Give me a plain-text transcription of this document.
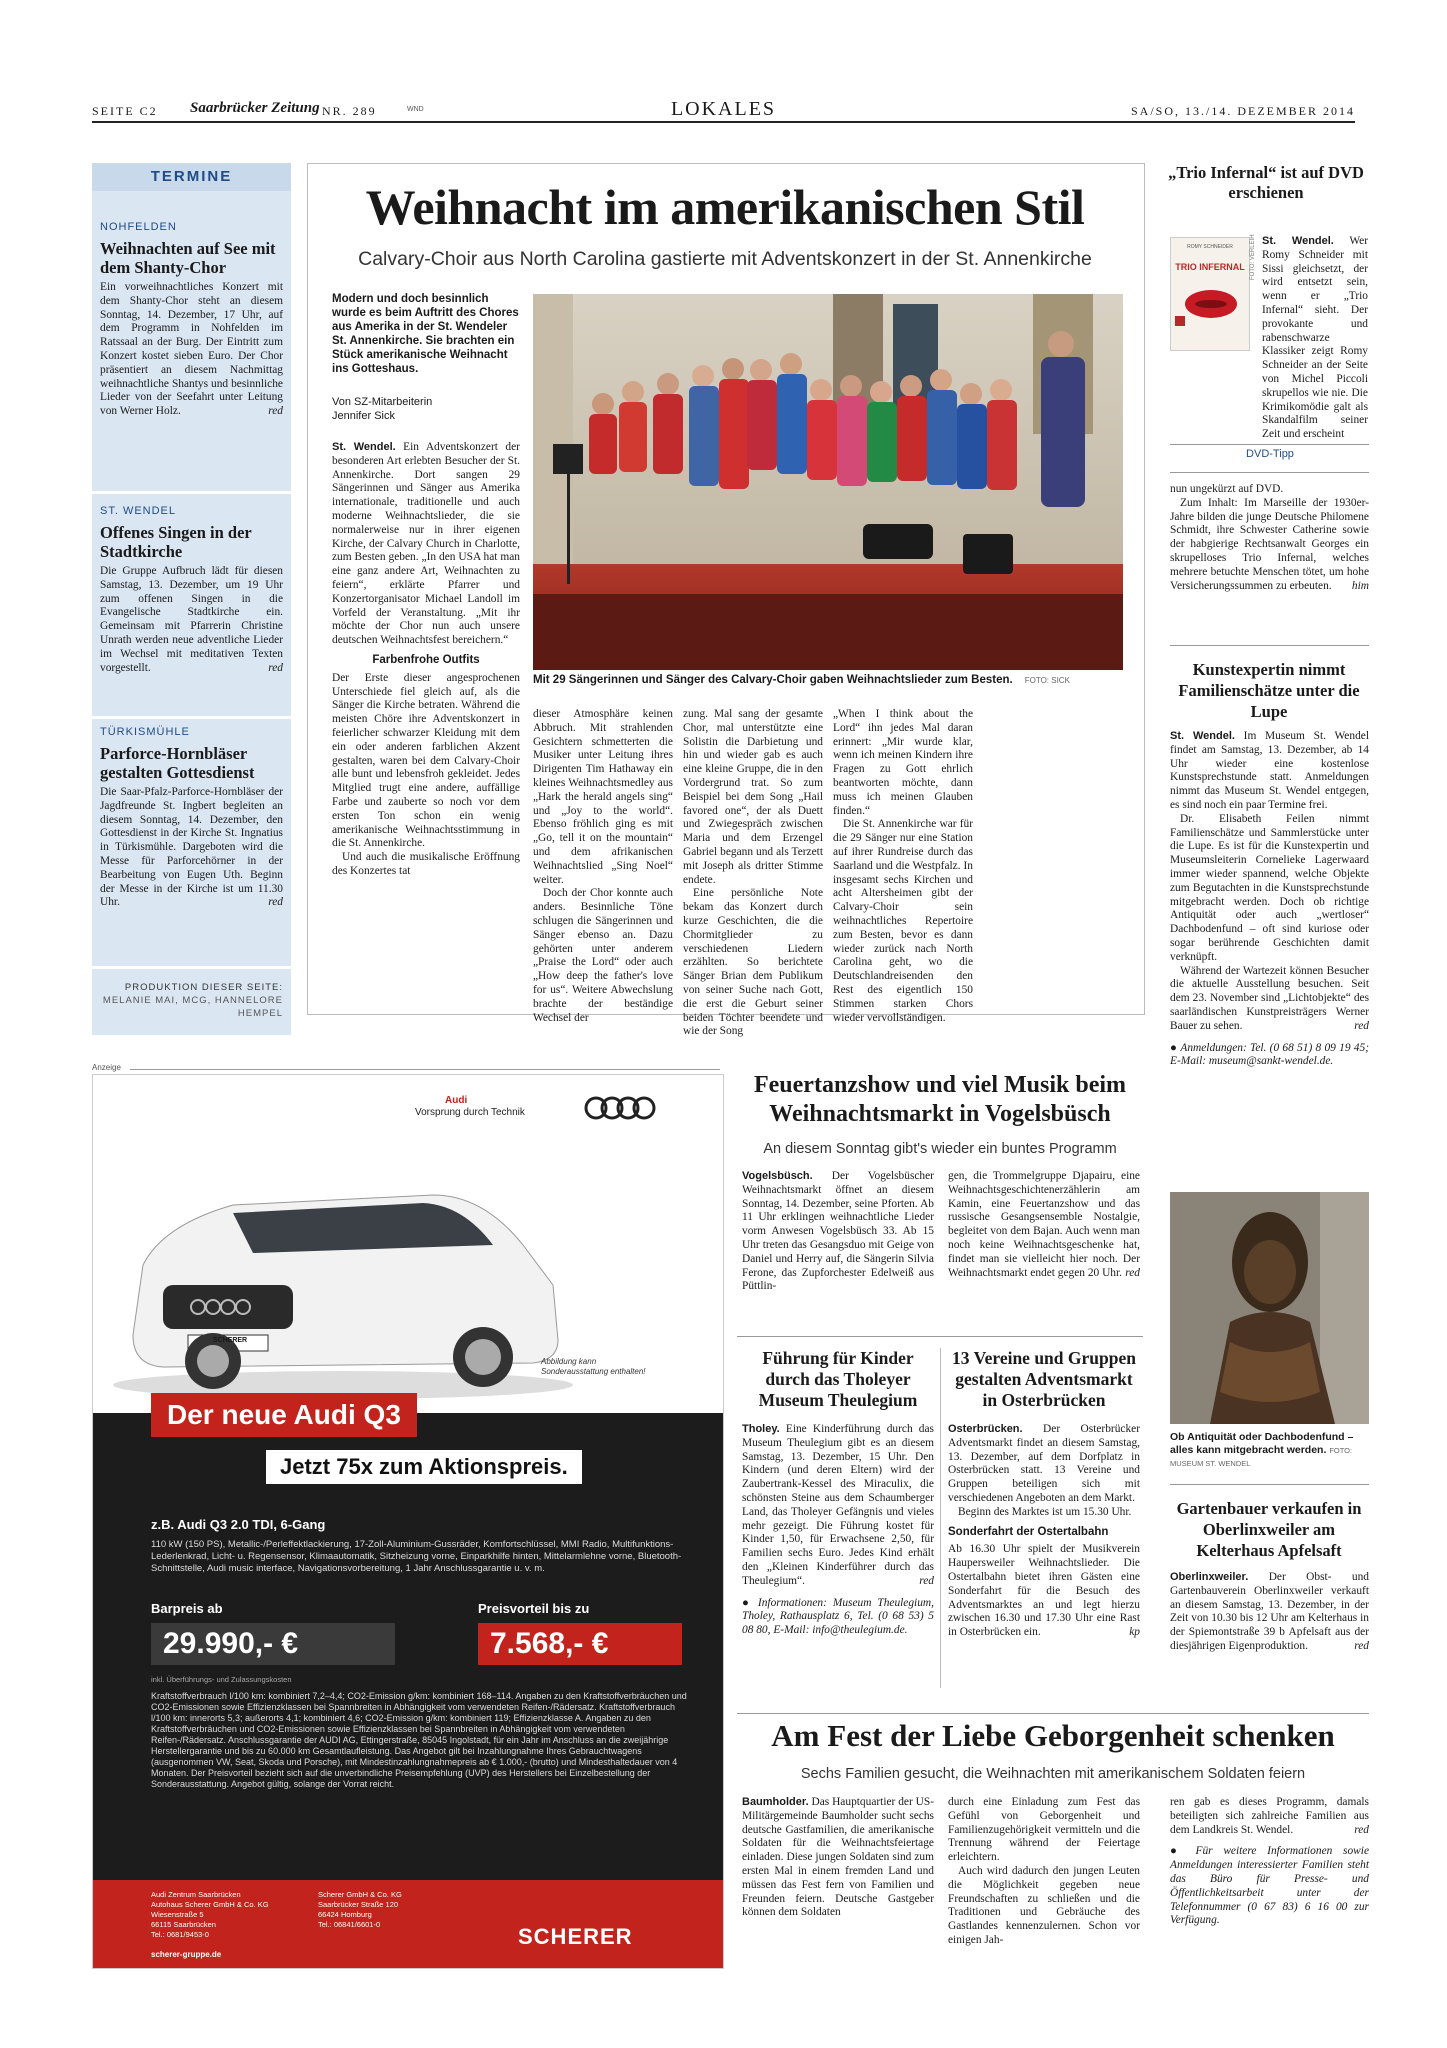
SEITE C2 Saarbrücker Zeitung NR. 289	WND	LOKALES	SA/SO, 13./14. DEZEMBER 2014
TERMINE
NOHFELDEN
Weihnachten auf See mit dem Shanty-Chor
Ein vorweihnachtliches Konzert mit dem Shanty-Chor steht an diesem Sonntag, 14. Dezember, 17 Uhr, auf dem Programm in Nohfelden im Ratssaal an der Burg. Der Eintritt zum Konzert kostet sieben Euro. Der Chor präsentiert an diesem Nachmittag weihnachtliche Shantys und besinnliche Lieder von der Seefahrt unter Leitung von Werner Holz.	red
ST. WENDEL
Offenes Singen in der Stadtkirche
Die Gruppe Aufbruch lädt für diesen Samstag, 13. Dezember, um 19 Uhr zum offenen Singen in die Evangelische Stadtkirche ein. Gemeinsam mit Pfarrerin Christine Unrath werden neue adventliche Lieder im Wechsel mit meditativen Texten vorgestellt.	red
TÜRKISMÜHLE
Parforce-Hornbläser gestalten Gottesdienst
Die Saar-Pfalz-Parforce-Hornbläser der Jagdfreunde St. Ingbert begleiten an diesem Sonntag, 14. Dezember, den Gottesdienst in der Kirche St. Ingnatius in Türkismühle. Dargeboten wird die Messe für Parforcehörner in der Bearbeitung von Eugen Uth. Beginn der Messe in der Kirche ist um 11.30 Uhr.	red
PRODUKTION DIESER SEITE:
MELANIE MAI, MCG, HANNELORE HEMPEL
Weihnacht im amerikanischen Stil
Calvary-Choir aus North Carolina gastierte mit Adventskonzert in der St. Annenkirche
Modern und doch besinnlich wurde es beim Auftritt des Chores aus Amerika in der St. Wendeler St. Annenkirche. Sie brachten ein Stück amerikanische Weihnacht ins Gotteshaus.
Von SZ-Mitarbeiterin
Jennifer Sick

St. Wendel. Ein Adventskonzert der besonderen Art erlebten Besucher der St. Annenkirche. Dort sangen 29 Sängerinnen und Sänger aus Amerika internationale, traditionelle und auch moderne Weihnachtslieder, die sie normalerweise nur in ihrer eigenen Kirche, der Calvary Church in Charlotte, zum Besten geben. „In den USA hat man eine ganz andere Art, Weihnachten zu feiern“, erklärte Pfarrer und Konzertorganisator Michael Landoll im Vorfeld der Veranstaltung. „Mit ihr möchte der Chor nun auch unsere deutschen Weihnachtsfest bereichern.“

Farbenfrohe Outfits

Der Erste dieser angesprochenen Unterschiede fiel gleich auf, als die Sänger die Kirche betraten. Während die meisten Chöre ihre Adventskonzert in feierlicher schwarzer Kleidung mit dem ein oder anderen farblichen Akzent gestalten, waren bei dem Calvary-Choir alle bunt und lebensfroh gekleidet. Jedes Mitglied trugt eine andere, auffällige Farbe und zauberte so noch vor dem ersten Ton schon ein wenig amerikanische Weihnachtsstimmung in die St. Annenkirche.

Und auch die musikalische Eröffnung des Konzertes tat

Mit 29 Sängerinnen und Sänger des Calvary-Choir gaben Weihnachtslieder zum Besten. FOTO: SICK

dieser Atmosphäre keinen Abbruch. Mit strahlenden Gesichtern schmetterten die Musiker unter Leitung ihres Dirigenten Tim Hathaway ein kleines Weihnachtsmedley aus „Hark the herald angels sing“ und „Joy to the world“. Ebenso fröhlich ging es mit „Go, tell it on the mountain“ und dem afrikanischen Weihnachtslied „Sing Noel“ weiter.

Doch der Chor konnte auch anders. Besinnliche Töne schlugen die Sängerinnen und Sänger ebenso an. Dazu gehörten unter anderem „Praise the Lord“ oder auch „How deep the father's love for us“. Weitere Abwechslung brachte der beständige Wechsel der

zung. Mal sang der gesamte Chor, mal unterstützte eine Solistin die Darbietung und hin und wieder gab es auch eine kleine Gruppe, die in den Vordergrund trat. So zum Beispiel bei dem Song „Hail favored one“, der als Duett und Zwiegespräch zwischen Maria und dem Erzengel Gabriel begann und als Terzett mit Joseph als dritter Stimme endete.

Eine persönliche Note bekam das Konzert durch kurze Geschichten, die die Chormitglieder zu verschiedenen Liedern erzählten. So berichtete Sänger Brian dem Publikum von seiner Suche nach Gott, die erst die Geburt seiner beiden Töchter beendete und wie der Song

„When I think about the Lord“ ihn jedes Mal daran erinnert: „Mir wurde klar, wenn ich meinen Kindern ihre Fragen zu Gott ehrlich beantworten möchte, dann muss ich meinen Glauben finden.“

Die St. Annenkirche war für die 29 Sänger nur eine Station auf ihrer Rundreise durch das Saarland und die Westpfalz. In insgesamt sechs Kirchen und acht Altersheimen gibt der Calvary-Choir sein weihnachtliches Repertoire zum Besten, bevor es dann wieder zurück nach North Carolina geht, wo die Deutschlandreisenden den Rest des eigentlich 150 Stimmen starken Chors wieder vervollständigen.

„Trio Infernal“ ist auf DVD erschienen
ROMY SCHNEIDER
TRIO INFERNAL FOTO: VERLEIH St. Wendel. Wer Romy Schneider mit Sissi gleichsetzt, der wird entsetzt sein, wenn er „Trio Infernal“ sieht. Der provokante und rabenschwarze Klassiker zeigt Romy Schneider an der Seite von Michel Piccoli skrupellos wie nie. Die Krimikomödie galt als Skandalfilm seiner Zeit und erscheint
DVD-Tipp

nun ungekürzt auf DVD.

Zum Inhalt: Im Marseille der 1930er-Jahre bilden die junge Deutsche Philomene Schmidt, ihre Schwester Catherine sowie der habgierige Rechtsanwalt Georges ein skrupelloses Trio Infernal, welches mehrere betuchte Menschen tötet, um hohe Versicherungssummen zu erbeuten.	him

Kunstexpertin nimmt Familienschätze unter die Lupe

St. Wendel. Im Museum St. Wendel findet am Samstag, 13. Dezember, ab 14 Uhr wieder eine kostenlose Kunstsprechstunde statt. Anmeldungen nimmt das Museum St. Wendel entgegen, es sind noch ein paar Termine frei.

Dr. Elisabeth Feilen nimmt Familienschätze und Sammlerstücke unter die Lupe. Es ist für die Kunstexpertin und Museumsleiterin Cornelieke Lagerwaard immer wieder spannend, welche Objekte zum Begutachten in die Kunstsprechstunde mitgebracht werden. Doch ob richtige Antiquität oder auch „wertloser“ Dachbodenfund – oft sind kuriose oder sogar berührende Geschichten damit verknüpft.

Während der Wartezeit können Besucher die aktuelle Ausstellung besuchen. Seit dem 23. November sind „Lichtobjekte“ des saarländischen Kunstpreisträgers Werner Bauer zu sehen.	red

● Anmeldungen: Tel. (0 68 51) 8 09 19 45; E-Mail: museum@sankt-wendel.de.

Ob Antiquität oder Dachbodenfund – alles kann mitgebracht werden. FOTO: MUSEUM ST. WENDEL
Gartenbauer verkaufen in Oberlinxweiler am Kelterhaus Apfelsaft
Oberlinxweiler. Der Obst- und Gartenbauverein Oberlinxweiler verkauft an diesem Samstag, 13. Dezember, in der Zeit von 10.30 bis 12 Uhr am Kelterhaus in der Spiemontstraße 39 b Apfelsaft aus der diesjährigen Eigenproduktion.	red
Anzeige
Audi
Vorsprung durch Technik
SCHERER
Abbildung kann Sonderausstattung enthalten!
Der neue Audi Q3
Jetzt 75x zum Aktionspreis.
z.B. Audi Q3 2.0 TDI, 6-Gang
110 kW (150 PS), Metallic-/Perleffektlackierung, 17-Zoll-Aluminium-Gussräder, Komfortschlüssel, MMI Radio, Multifunktions-Lederlenkrad, Licht- u. Regensensor, Klimaautomatik, Sitzheizung vorne, Einparkhilfe hinten, Mittelarmlehne vorne, Bluetooth-Schnittstelle, Audi music interface, Navigationsvorbereitung, 1 Jahr Anschlussgarantie u. v. m.
Barpreis ab
29.990,- €
Preisvorteil bis zu
7.568,- €
inkl. Überführungs- und Zulassungskosten
Kraftstoffverbrauch l/100 km: kombiniert 7,2–4,4; CO2-Emission g/km: kombiniert 168–114. Angaben zu den Kraftstoffverbräuchen und CO2-Emissionen sowie Effizienzklassen bei Spannbreiten in Abhängigkeit vom verwendeten Reifen-/Rädersatz. Kraftstoffverbrauch l/100 km: innerorts 5,3; außerorts 4,1; kombiniert 4,6; CO2-Emission g/km: kombiniert 119; Effizienzklasse A. Angaben zu den Kraftstoffverbräuchen und CO2-Emissionen sowie Effizienzklassen bei Spannbreiten in Abhängigkeit vom verwendeten Reifen-/Rädersatz. Anschlussgarantie der AUDI AG, Ettingerstraße, 85045 Ingolstadt, für ein Jahr im Anschluss an die zweijährige Herstellergarantie und bis zu 60.000 km Gesamtlaufleistung. Das Angebot gilt bei Inzahlungnahme Ihres Gebrauchtwagens (ausgenommen VW, Seat, Skoda und Porsche), mit Mindestinzahlungnahmepreis ab € 1.000,- (brutto) und Mindesthaltedauer von 4 Monaten. Der Preisvorteil bezieht sich auf die unverbindliche Preisempfehlung (UVP) des Herstellers bei Einzelbestellung der Sonderausstattung. Angebot gültig, solange der Vorrat reicht.
Audi Zentrum Saarbrücken
Autohaus Scherer GmbH & Co. KG
Wiesenstraße 5
66115 Saarbrücken
Tel.: 0681/9453-0
Scherer GmbH & Co. KG
Saarbrücker Straße 120
66424 Homburg
Tel.: 06841/6601-0
scherer-gruppe.de
SCHERER
Feuertanzshow und viel Musik beim Weihnachtsmarkt in Vogelsbüsch
An diesem Sonntag gibt's wieder ein buntes Programm
Vogelsbüsch. Der Vogelsbüscher Weihnachtsmarkt öffnet an diesem Sonntag, 14. Dezember, seine Pforten. Ab 11 Uhr erklingen weihnachtliche Lieder vorm Anwesen Vogelsbüsch 33. Ab 15 Uhr treten das Gesangsduo mit Geige von Daniel und Herry auf, die Sängerin Silvia Ferone, das Zupforchester Edelweiß aus Püttlin-
gen, die Trommelgruppe Djapairu, eine Weihnachtsgeschichtenerzählerin am Kamin, eine Feuertanzshow und das russische Gesangsensemble Nostalgie, begleitet von dem Bajan. Auch wenn man noch keine Weihnachtsgeschenke hat, findet man sie vielleicht hier noch. Der Weihnachtsmarkt endet gegen 20 Uhr. red
Führung für Kinder durch das Tholeyer Museum Theulegium

Tholey. Eine Kinderführung durch das Museum Theulegium gibt es an diesem Samstag, 13. Dezember, 15 Uhr. Den Kindern (und deren Eltern) wird der Zaubertrank-Kessel des Miraculix, die schönsten Steine aus dem Schaumberger Land, das Tholeyer Gefängnis und vieles mehr gezeigt. Die Führung kostet für Kinder 1,50, für Erwachsene 2,50, für Familien sechs Euro. Jedes Kind erhält den „Kleinen Kinderführer durch das Theulegium“.	red

● Informationen: Museum Theulegium, Tholey, Rathausplatz 6, Tel. (0 68 53) 5 08 80, E-Mail: info@theulegium.de.

13 Vereine und Gruppen gestalten Adventsmarkt in Osterbrücken

Osterbrücken. Der Osterbrücker Adventsmarkt findet an diesem Samstag, 13. Dezember, auf dem Dorfplatz in Osterbrücken statt. 13 Vereine und Gruppen beteiligen sich mit verschiedenen Angeboten an dem Markt.

Beginn des Marktes ist um 15.30 Uhr.

Sonderfahrt der Ostertalbahn

Ab 16.30 Uhr spielt der Musikverein Haupersweiler Weihnachtslieder. Die Ostertalbahn bietet ihren Gästen eine Sonderfahrt für die Besuch des Adventsmarktes an und legt hierzu zwischen 16.30 und 17.30 Uhr eine Rast in Osterbrücken ein.	kp

Am Fest der Liebe Geborgenheit schenken
Sechs Familien gesucht, die Weihnachten mit amerikanischem Soldaten feiern
Baumholder. Das Hauptquartier der US-Militärgemeinde Baumholder sucht sechs deutsche Gastfamilien, die amerikanische Soldaten für die Weihnachtsfeiertage einladen. Diese jungen Soldaten sind zum ersten Mal in einem fremden Land und müssen das Fest fern von Familien und Freunden feiern. Deutsche Gastgeber können dem Soldaten

durch eine Einladung zum Fest das Gefühl von Geborgenheit und Familienzugehörigkeit vermitteln und die Trennung während der Feiertage erleichtern.

Auch wird dadurch den jungen Leuten die Möglichkeit gegeben neue Freundschaften zu schließen und die Traditionen und Gebräuche des Gastlandes kennenzulernen. Schon vor einigen Jah-

ren gab es dieses Programm, damals beteiligten sich zahlreiche Familien aus dem Landkreis St. Wendel.	red

● Für weitere Informationen sowie Anmeldungen interessierter Familien steht das Büro für Presse- und Öffentlichkeitsarbeit unter der Telefonnummer (0 67 83) 6 16 00 zur Verfügung.
